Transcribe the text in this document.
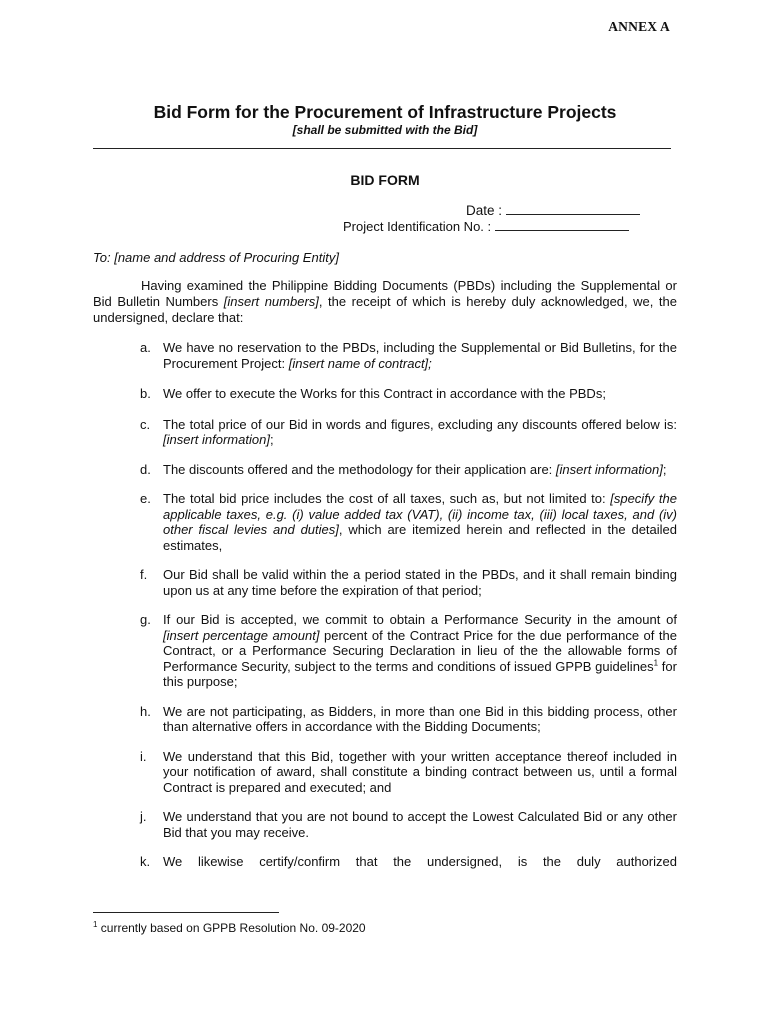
ANNEX A
Bid Form for the Procurement of Infrastructure Projects
[shall be submitted with the Bid]
BID FORM
Date :
Project Identification No. :
To: [name and address of Procuring Entity]

Having examined the Philippine Bidding Documents (PBDs) including the Supplemental or Bid Bulletin Numbers [insert numbers], the receipt of which is hereby duly acknowledged, we, the undersigned, declare that:

a. We have no reservation to the PBDs, including the Supplemental or Bid Bulletins, for the Procurement Project: [insert name of contract];

b. We offer to execute the Works for this Contract in accordance with the PBDs;

c. The total price of our Bid in words and figures, excluding any discounts offered below is: [insert information];

d. The discounts offered and the methodology for their application are: [insert information];

e. The total bid price includes the cost of all taxes, such as, but not limited to: [specify the applicable taxes, e.g. (i) value added tax (VAT), (ii) income tax, (iii) local taxes, and (iv) other fiscal levies and duties], which are itemized herein and reflected in the detailed estimates,

f. Our Bid shall be valid within the a period stated in the PBDs, and it shall remain binding upon us at any time before the expiration of that period;

g. If our Bid is accepted, we commit to obtain a Performance Security in the amount of [insert percentage amount] percent of the Contract Price for the due performance of the Contract, or a Performance Securing Declaration in lieu of the the allowable forms of Performance Security, subject to the terms and conditions of issued GPPB guidelines$^1$ for this purpose;

h. We are not participating, as Bidders, in more than one Bid in this bidding process, other than alternative offers in accordance with the Bidding Documents;

i. We understand that this Bid, together with your written acceptance thereof included in your notification of award, shall constitute a binding contract between us, until a formal Contract is prepared and executed; and

j. We understand that you are not bound to accept the Lowest Calculated Bid or any other Bid that you may receive.

k. We likewise certify/confirm that the undersigned, is the duly authorized

$^1$ currently based on GPPB Resolution No. 09-2020
